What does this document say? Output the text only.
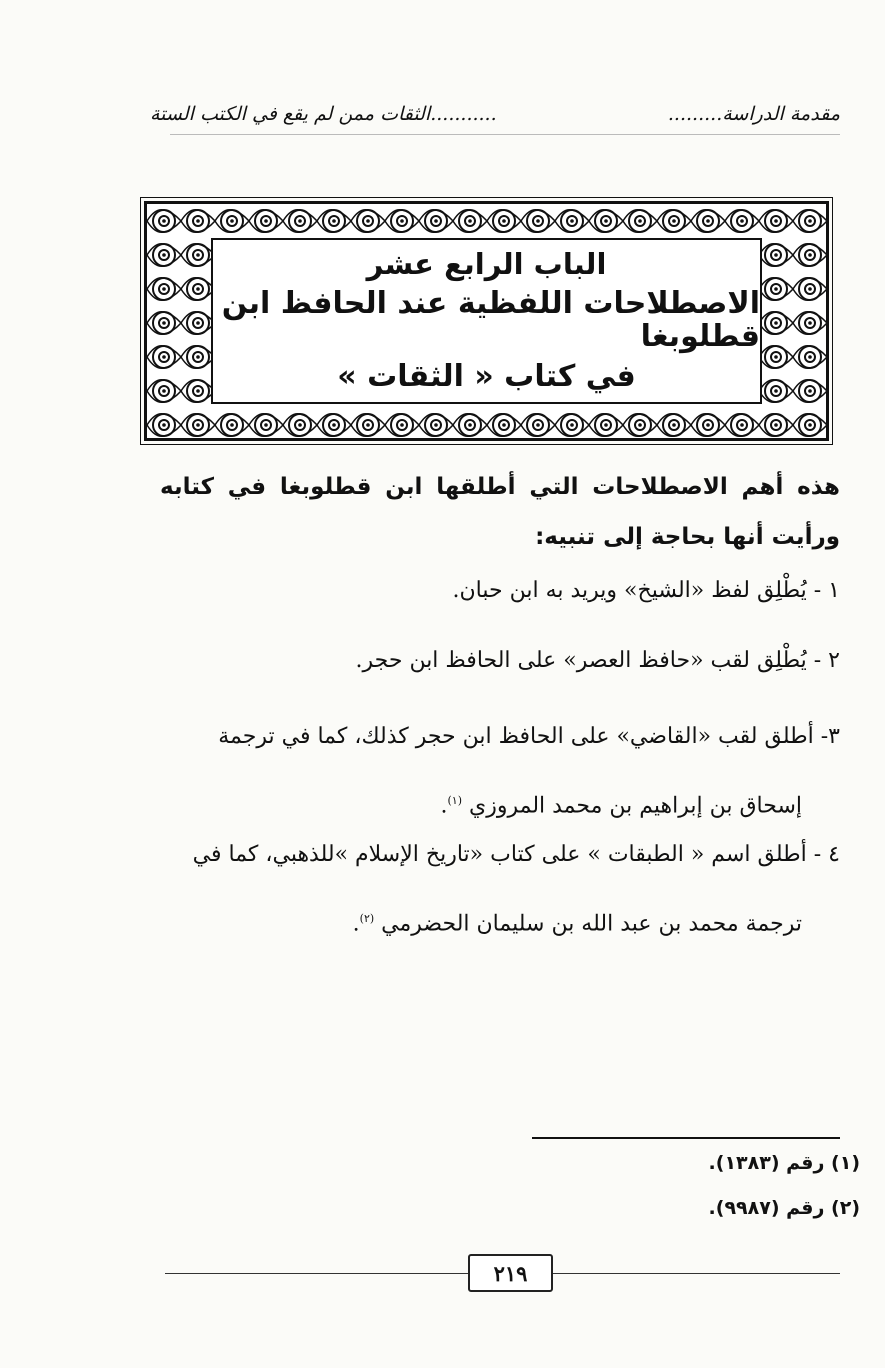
مقدمة الدراسة.........
...........الثقات ممن لم يقع في الكتب الستة
الباب الرابع عشر
الاصطلاحات اللفظية عند الحافظ ابن قطلوبغا
في كتاب « الثقات »
هذه أهم الاصطلاحات التي أطلقها ابن قطلوبغا في كتابه ورأيت أنها بحاجة إلى تنبيه:
١ - يُطْلِق لفظ «الشيخ» ويريد به ابن حبان.
٢ - يُطْلِق لقب «حافظ العصر» على الحافظ ابن حجر.
٣- أطلق لقب «القاضي» على الحافظ ابن حجر كذلك، كما في ترجمة
إسحاق بن إبراهيم بن محمد المروزي $^{(١)}$.
٤ - أطلق اسم « الطبقات » على كتاب «تاريخ الإسلام »للذهبي، كما في
ترجمة محمد بن عبد الله بن سليمان الحضرمي $^{(٢)}$.
(١) رقم (١٣٨٣).
(٢) رقم (٩٩٨٧).
٢١٩
